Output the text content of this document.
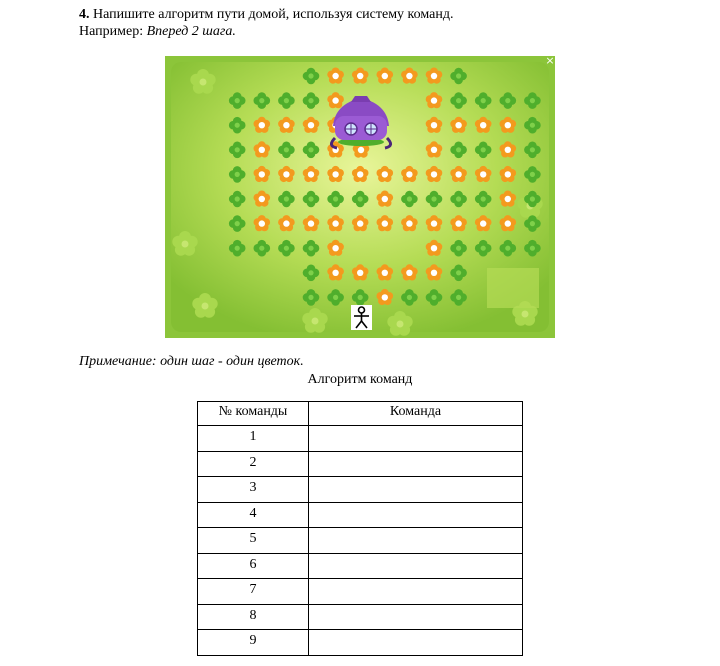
4. Напишите алгоритм пути домой, используя систему команд.
Например: Вперед 2 шага.
×
Примечание: один шаг - один цветок.
Алгоритм команд
№ команды	Команда

1	

2	

3	

4	

5	

6	

7	

8	

9	
